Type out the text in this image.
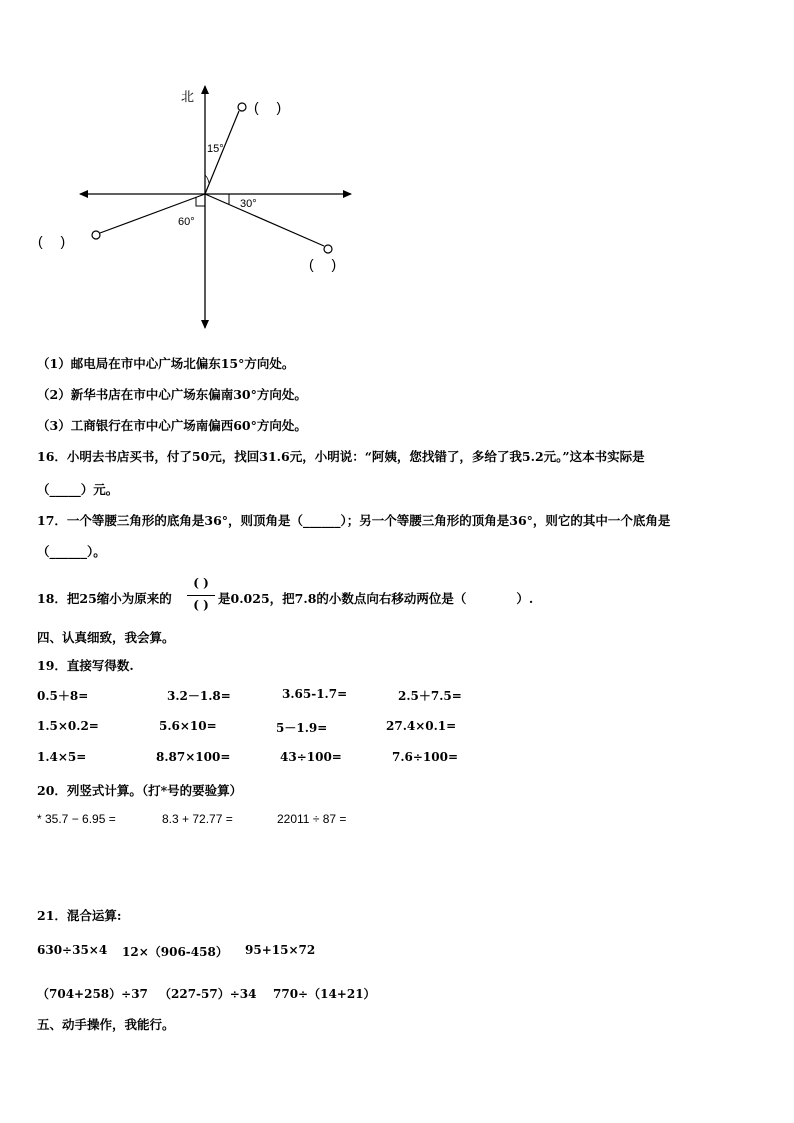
北
15°
30°
60°
(　 )
(　 )
(　 )
（1）邮电局在市中心广场北偏东15°方向处。
（2）新华书店在市中心广场东偏南30°方向处。
（3）工商银行在市中心广场南偏西60°方向处。
16．小明去书店买书，付了50元，找回31.6元，小明说：“阿姨，您找错了，多给了我5.2元。”这本书实际是
（_____）元。
17．一个等腰三角形的底角是36°，则顶角是（______）；另一个等腰三角形的顶角是36°，则它的其中一个底角是
（______）。
18．把25缩小为原来的
( )
( ) 是0.025，把7.8的小数点向右移动两位是（　　　　）.
四、认真细致，我会算。
19．直接写得数.
0.5＋8=	3.2－1.8=	3.65-1.7=	2.5＋7.5=
1.5×0.2=	5.6×10=	5－1.9=	27.4×0.1=
1.4×5=	8.87×100=	43÷100=	7.6÷100=
20．列竖式计算。（打*号的要验算）
* 35.7 − 6.95 =	8.3 + 72.77 =	22011 ÷ 87 =
21．混合运算:
630÷35×4 12×（906-458） 95+15×72
（704+258）÷37 （227-57）÷34 770÷（14+21）
五、动手操作，我能行。
